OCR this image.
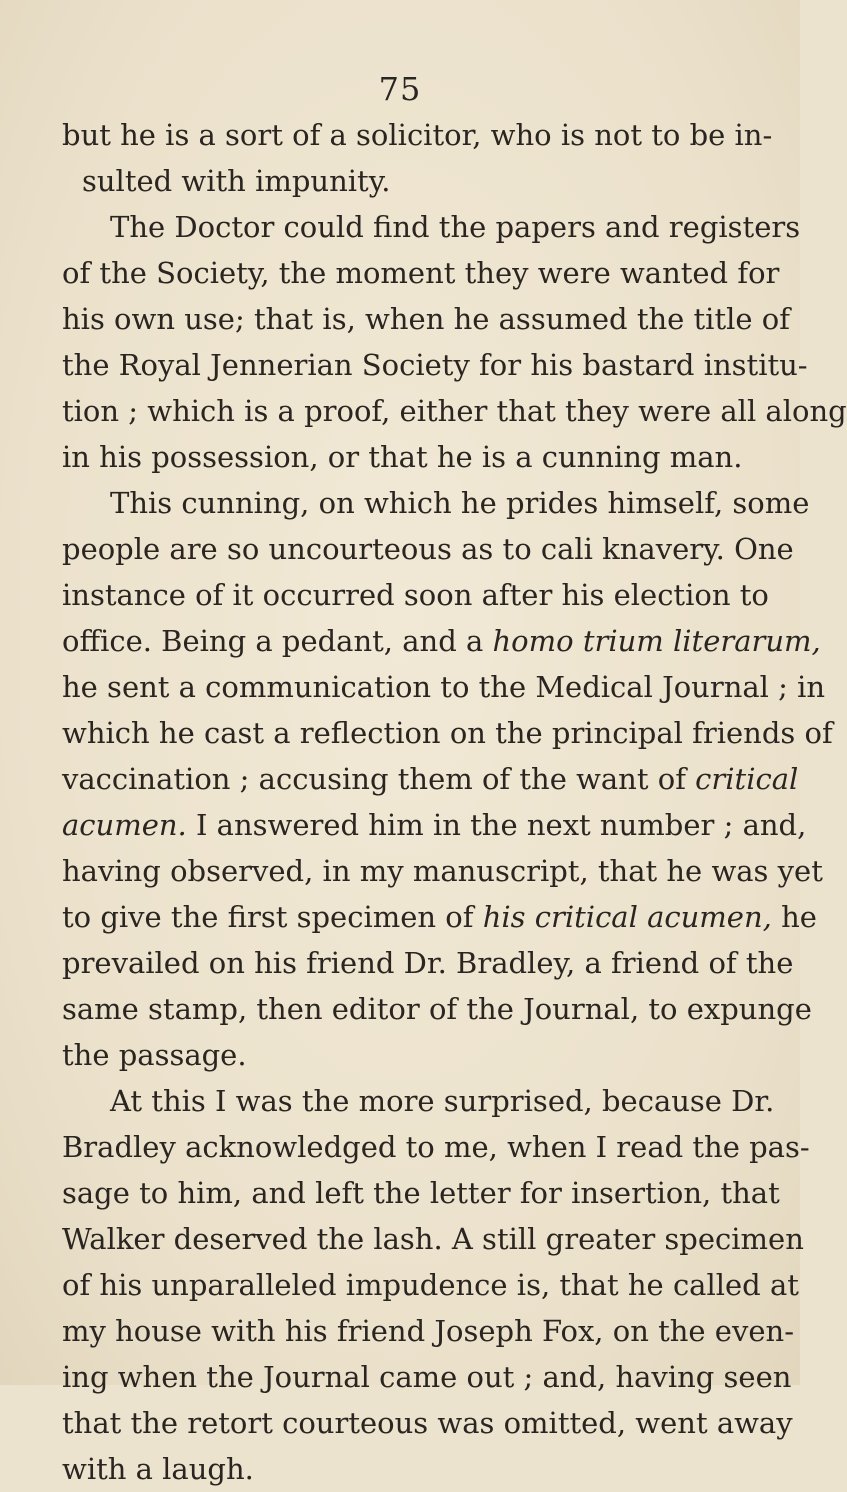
75
but he is a sort of a solicitor, who is not to be in-
sulted with impunity.
The Doctor could find the papers and registers
of the Society, the moment they were wanted for
his own use; that is, when he assumed the title of
the Royal Jennerian Society for his bastard institu-
tion ; which is a proof, either that they were all along
in his possession, or that he is a cunning man.
This cunning, on which he prides himself, some
people are so uncourteous as to cali knavery. One
instance of it occurred soon after his election to
office. Being a pedant, and a homo trium literarum,
he sent a communication to the Medical Journal ; in
which he cast a reflection on the principal friends of
vaccination ; accusing them of the want of critical
acumen. I answered him in the next number ; and,
having observed, in my manuscript, that he was yet
to give the first specimen of his critical acumen, he
prevailed on his friend Dr. Bradley, a friend of the
same stamp, then editor of the Journal, to expunge
the passage.
At this I was the more surprised, because Dr.
Bradley acknowledged to me, when I read the pas-
sage to him, and left the letter for insertion, that
Walker deserved the lash. A still greater specimen
of his unparalleled impudence is, that he called at
my house with his friend Joseph Fox, on the even-
ing when the Journal came out ; and, having seen
that the retort courteous was omitted, went away
with a laugh.
